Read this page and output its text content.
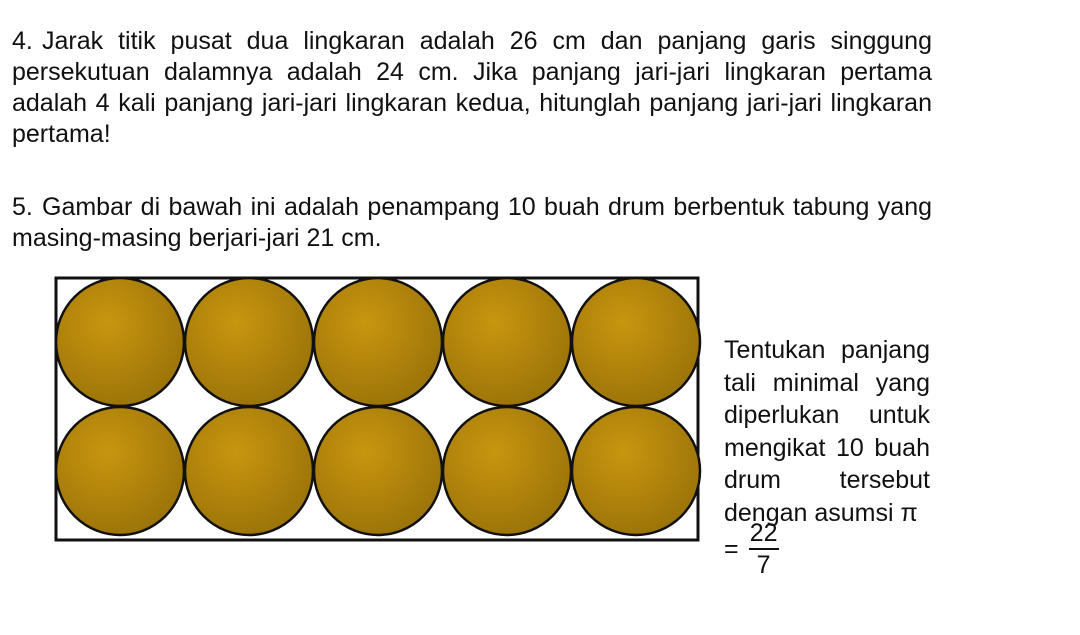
4. Jarak titik pusat dua lingkaran adalah 26 cm dan panjang garis singgung persekutuan dalamnya adalah 24 cm. Jika panjang jari-jari lingkaran pertama adalah 4 kali panjang jari-jari lingkaran kedua, hitunglah panjang jari-jari lingkaran pertama!
5. Gambar di bawah ini adalah penampang 10 buah drum berbentuk tabung yang masing-masing berjari-jari 21 cm.
Tentukan panjang
tali minimal yang
diperlukan untuk
mengikat 10 buah
drum tersebut
dengan asumsi π
= $\frac{22}{7}$
